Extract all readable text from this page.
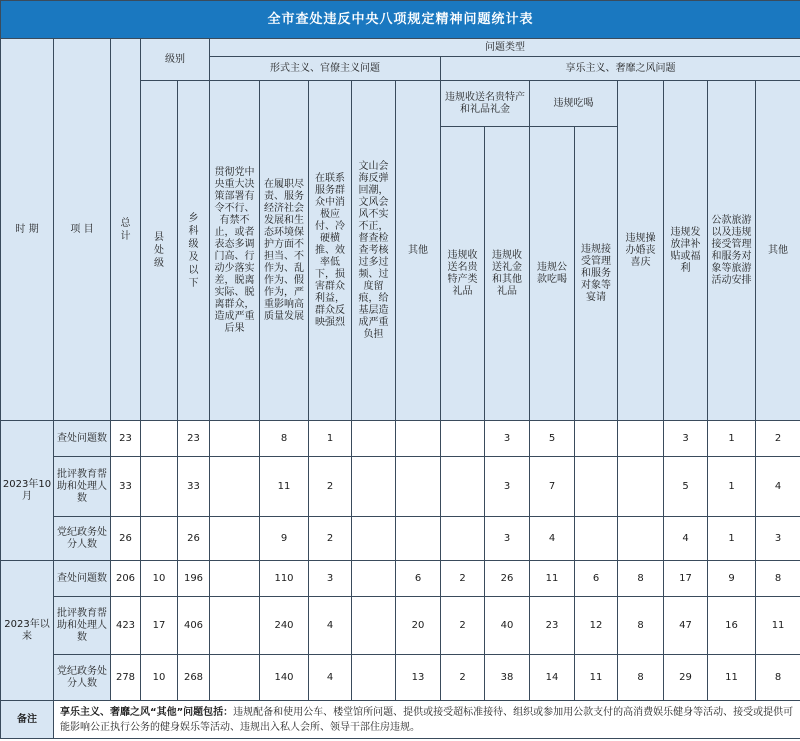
全市查处违反中央八项规定精神问题统计表																	
时 期	项 目	总计	级别		问题类型												
					形式主义、官僚主义问题					享乐主义、奢靡之风问题							
			县处级	乡科级及以下	贯彻党中央重大决策部署有令不行、有禁不止，或者表态多调门高、行动少落实差，脱离实际、脱离群众，造成严重后果	在履职尽责、服务经济社会发展和生态环境保护方面不担当、不作为、乱作为、假作为，严重影响高质量发展	在联系服务群众中消极应付、冷硬横推、效率低下，损害群众利益，群众反映强烈	文山会海反弹回潮，文风会风不实不正，督查检查考核过多过频、过度留痕，给基层造成严重负担	其他	违规收送名贵特产和礼品礼金		违规吃喝		违规操办婚丧喜庆	违规发放津补贴或福利	公款旅游以及违规接受管理和服务对象等旅游活动安排	其他

										违规收送名贵特产类礼品	违规收送礼金和其他礼品	违规公款吃喝	违规接受管理和服务对象等宴请				

2023年10月	查处问题数	23		23		8	1				3	5			3	1	2
	批评教育帮助和处理人数	33		33		11	2				3	7			5	1	4
	党纪政务处分人数	26		26		9	2				3	4			4	1	3
2023年以来	查处问题数	206	10	196		110	3		6	2	26	11	6	8	17	9	8
	批评教育帮助和处理人数	423	17	406		240	4		20	2	40	23	12	8	47	16	11
	党纪政务处分人数	278	10	268		140	4		13	2	38	14	11	8	29	11	8
备注	享乐主义、奢靡之风“其他”问题包括：违规配备和使用公车、楼堂馆所问题、提供或接受超标准接待、组织或参加用公款支付的高消费娱乐健身等活动、接受或提供可能影响公正执行公务的健身娱乐等活动、违规出入私人会所、领导干部住房违规。																
